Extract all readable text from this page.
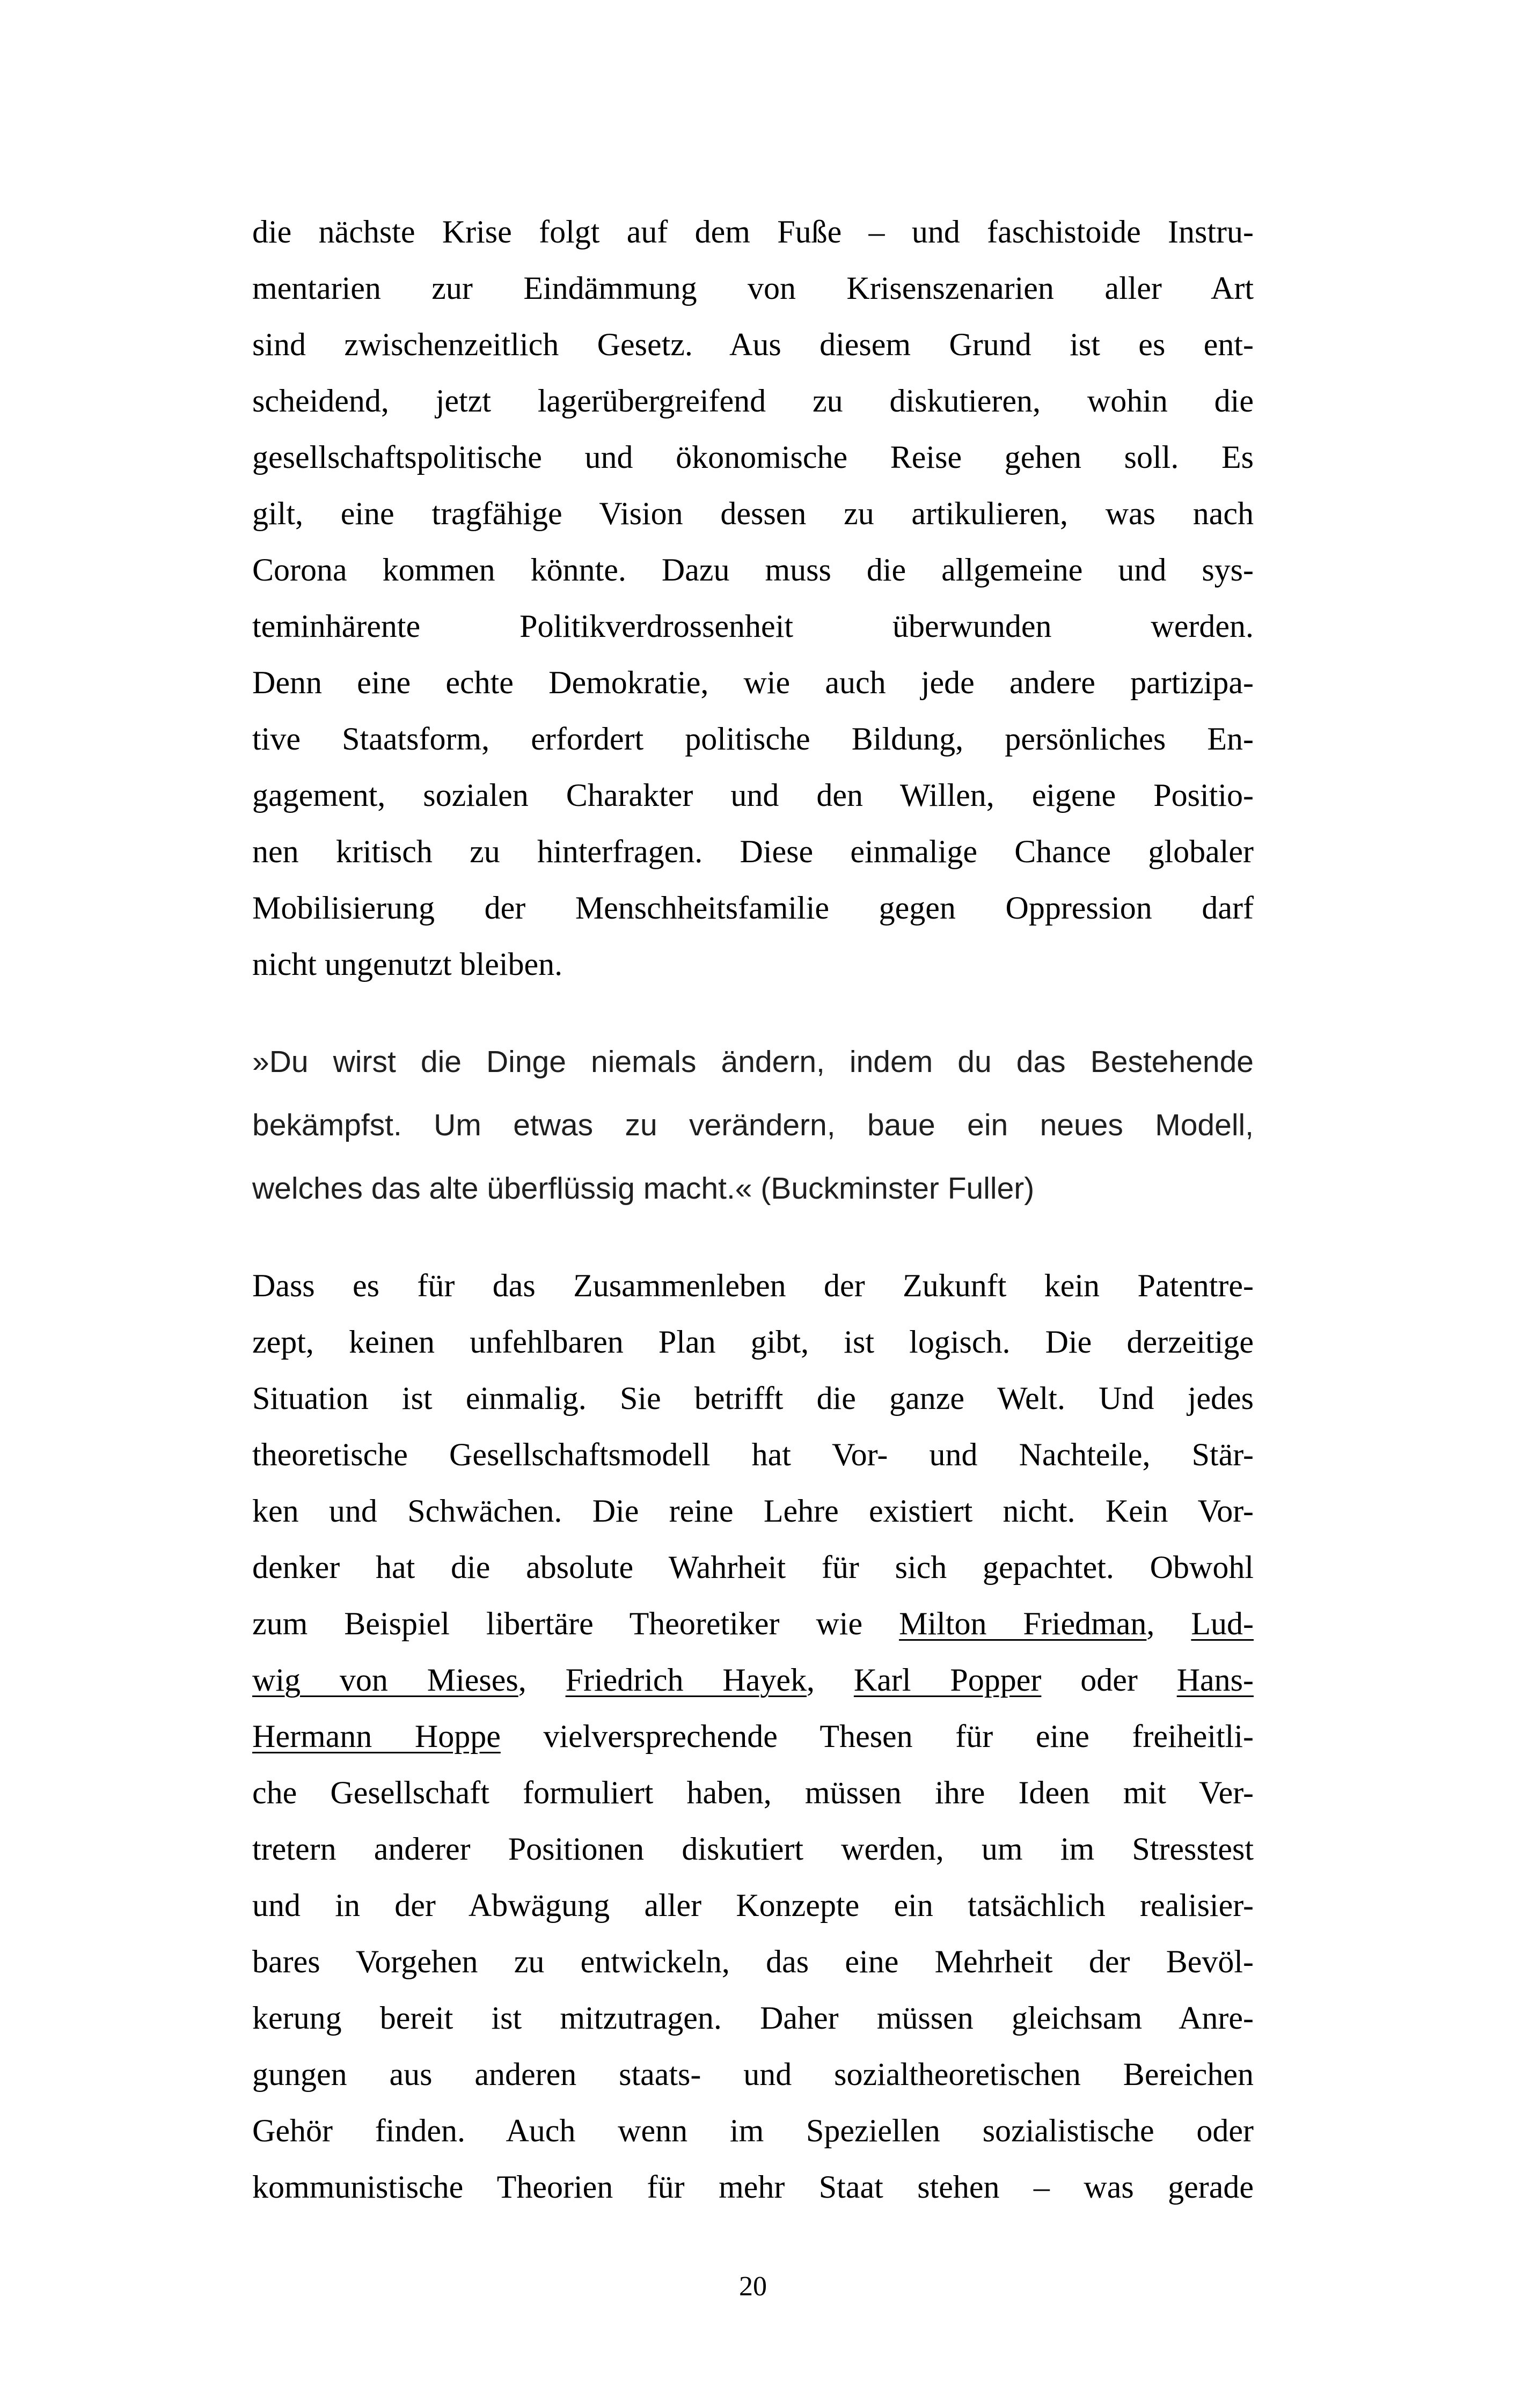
die nächste Krise folgt auf dem Fuße – und faschistoide Instru-
mentarien zur Eindämmung von Krisenszenarien aller Art
sind zwischenzeitlich Gesetz. Aus diesem Grund ist es ent-
scheidend, jetzt lagerübergreifend zu diskutieren, wohin die
gesellschaftspolitische und ökonomische Reise gehen soll. Es
gilt, eine tragfähige Vision dessen zu artikulieren, was nach
Corona kommen könnte. Dazu muss die allgemeine und sys-
teminhärente Politikverdrossenheit überwunden werden.
Denn eine echte Demokratie, wie auch jede andere partizipa-
tive Staatsform, erfordert politische Bildung, persönliches En-
gagement, sozialen Charakter und den Willen, eigene Positio-
nen kritisch zu hinterfragen. Diese einmalige Chance globaler
Mobilisierung der Menschheitsfamilie gegen Oppression darf
nicht ungenutzt bleiben.
»Du wirst die Dinge niemals ändern, indem du das Bestehende
bekämpfst. Um etwas zu verändern, baue ein neues Modell,
welches das alte überflüssig macht.« (Buckminster Fuller)
Dass es für das Zusammenleben der Zukunft kein Patentre-
zept, keinen unfehlbaren Plan gibt, ist logisch. Die derzeitige
Situation ist einmalig. Sie betrifft die ganze Welt. Und jedes
theoretische Gesellschaftsmodell hat Vor- und Nachteile, Stär-
ken und Schwächen. Die reine Lehre existiert nicht. Kein Vor-
denker hat die absolute Wahrheit für sich gepachtet. Obwohl
zum Beispiel libertäre Theoretiker wie Milton Friedman, Lud-
wig von Mieses, Friedrich Hayek, Karl Popper oder Hans-
Hermann Hoppe vielversprechende Thesen für eine freiheitli-
che Gesellschaft formuliert haben, müssen ihre Ideen mit Ver-
tretern anderer Positionen diskutiert werden, um im Stresstest
und in der Abwägung aller Konzepte ein tatsächlich realisier-
bares Vorgehen zu entwickeln, das eine Mehrheit der Bevöl-
kerung bereit ist mitzutragen. Daher müssen gleichsam Anre-
gungen aus anderen staats- und sozialtheoretischen Bereichen
Gehör finden. Auch wenn im Speziellen sozialistische oder
kommunistische Theorien für mehr Staat stehen – was gerade
20
